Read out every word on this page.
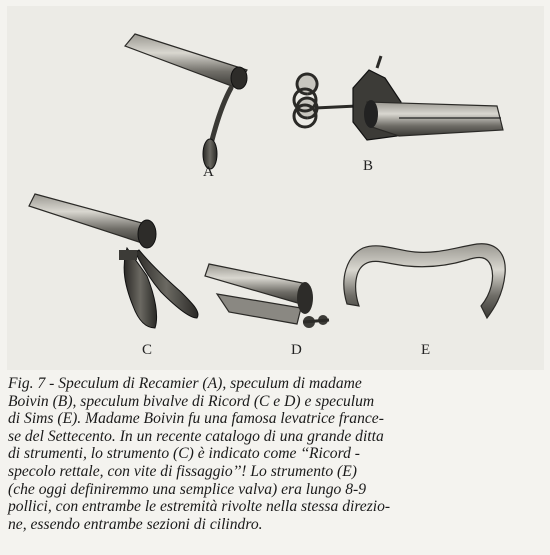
A	B
C	D	E
Fig. 7 - Speculum di Recamier (A), speculum di madame
Boivin (B), speculum bivalve di Ricord (C e D) e speculum
di Sims (E). Madame Boivin fu una famosa levatrice france-
se del Settecento. In un recente catalogo di una grande ditta
di strumenti, lo strumento (C) è indicato come ‘‘Ricord -
specolo rettale, con vite di fissaggio’’! Lo strumento (E)
(che oggi definiremmo una semplice valva) era lungo 8-9
pollici, con entrambe le estremità rivolte nella stessa direzio-
ne, essendo entrambe sezioni di cilindro.
